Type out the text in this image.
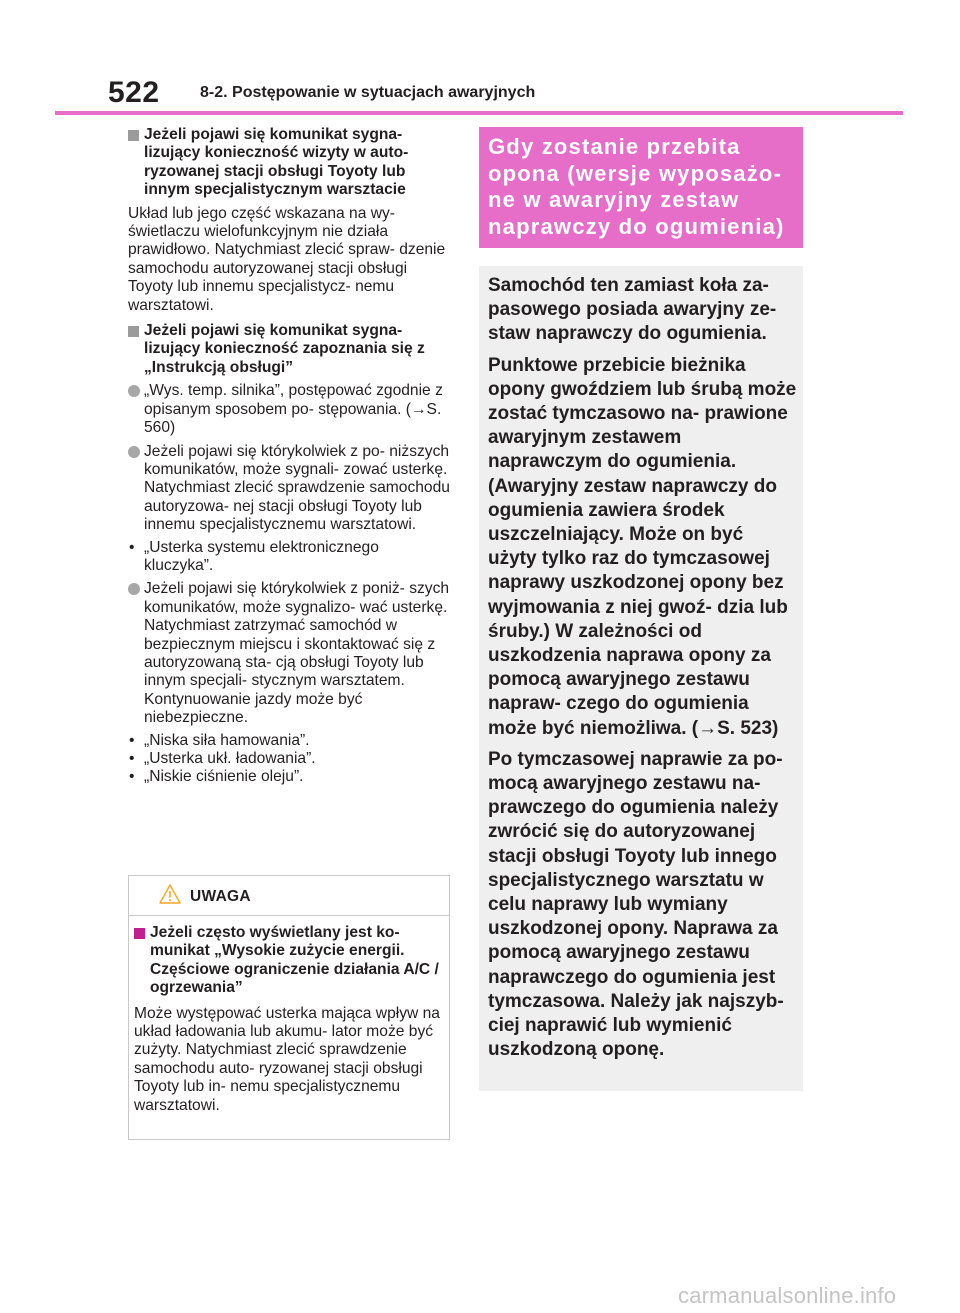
522	8-2. Postępowanie w sytuacjach awaryjnych
Jeżeli pojawi się komunikat sygna- lizujący konieczność wizyty w auto- ryzowanej stacji obsługi Toyoty lub innym specjalistycznym warsztacie
Układ lub jego część wskazana na wy- świetlaczu wielofunkcyjnym nie działa prawidłowo. Natychmiast zlecić spraw- dzenie samochodu autoryzowanej stacji obsługi Toyoty lub innemu specjalistycz- nemu warsztatowi.
Jeżeli pojawi się komunikat sygna- lizujący konieczność zapoznania się z „Instrukcją obsługi”
„Wys. temp. silnika”, postępować zgodnie z opisanym sposobem po- stępowania. (→S. 560)
Jeżeli pojawi się którykolwiek z po- niższych komunikatów, może sygnali- zować usterkę. Natychmiast zlecić sprawdzenie samochodu autoryzowa- nej stacji obsługi Toyoty lub innemu specjalistycznemu warsztatowi.
• „Usterka systemu elektronicznego kluczyka”.
Jeżeli pojawi się którykolwiek z poniż- szych komunikatów, może sygnalizo- wać usterkę. Natychmiast zatrzymać samochód w bezpiecznym miejscu i skontaktować się z autoryzowaną sta- cją obsługi Toyoty lub innym specjali- stycznym warsztatem. Kontynuowanie jazdy może być niebezpieczne.
• „Niska siła hamowania”.
• „Usterka ukł. ładowania”.
• „Niskie ciśnienie oleju”.
UWAGA
Jeżeli często wyświetlany jest ko- munikat „Wysokie zużycie energii. Częściowe ograniczenie działania A/C / ogrzewania”
Może występować usterka mająca wpływ na układ ładowania lub akumu- lator może być zużyty. Natychmiast zlecić sprawdzenie samochodu auto- ryzowanej stacji obsługi Toyoty lub in- nemu specjalistycznemu warsztatowi.
Gdy zostanie przebita opona (wersje wyposażo- ne w awaryjny zestaw naprawczy do ogumienia)

Samochód ten zamiast koła za- pasowego posiada awaryjny ze- staw naprawczy do ogumienia.

Punktowe przebicie bieżnika opony gwoździem lub śrubą może zostać tymczasowo na- prawione awaryjnym zestawem naprawczym do ogumienia. (Awaryjny zestaw naprawczy do ogumienia zawiera środek uszczelniający. Może on być użyty tylko raz do tymczasowej naprawy uszkodzonej opony bez wyjmowania z niej gwoź- dzia lub śruby.) W zależności od uszkodzenia naprawa opony za pomocą awaryjnego zestawu napraw- czego do ogumienia może być niemożliwa. (→S. 523)

Po tymczasowej naprawie za po- mocą awaryjnego zestawu na- prawczego do ogumienia należy zwrócić się do autoryzowanej stacji obsługi Toyoty lub innego specjalistycznego warsztatu w celu naprawy lub wymiany uszkodzonej opony. Naprawa za pomocą awaryjnego zestawu naprawczego do ogumienia jest tymczasowa. Należy jak najszyb- ciej naprawić lub wymienić uszkodzoną oponę.

carmanualsonline.info
